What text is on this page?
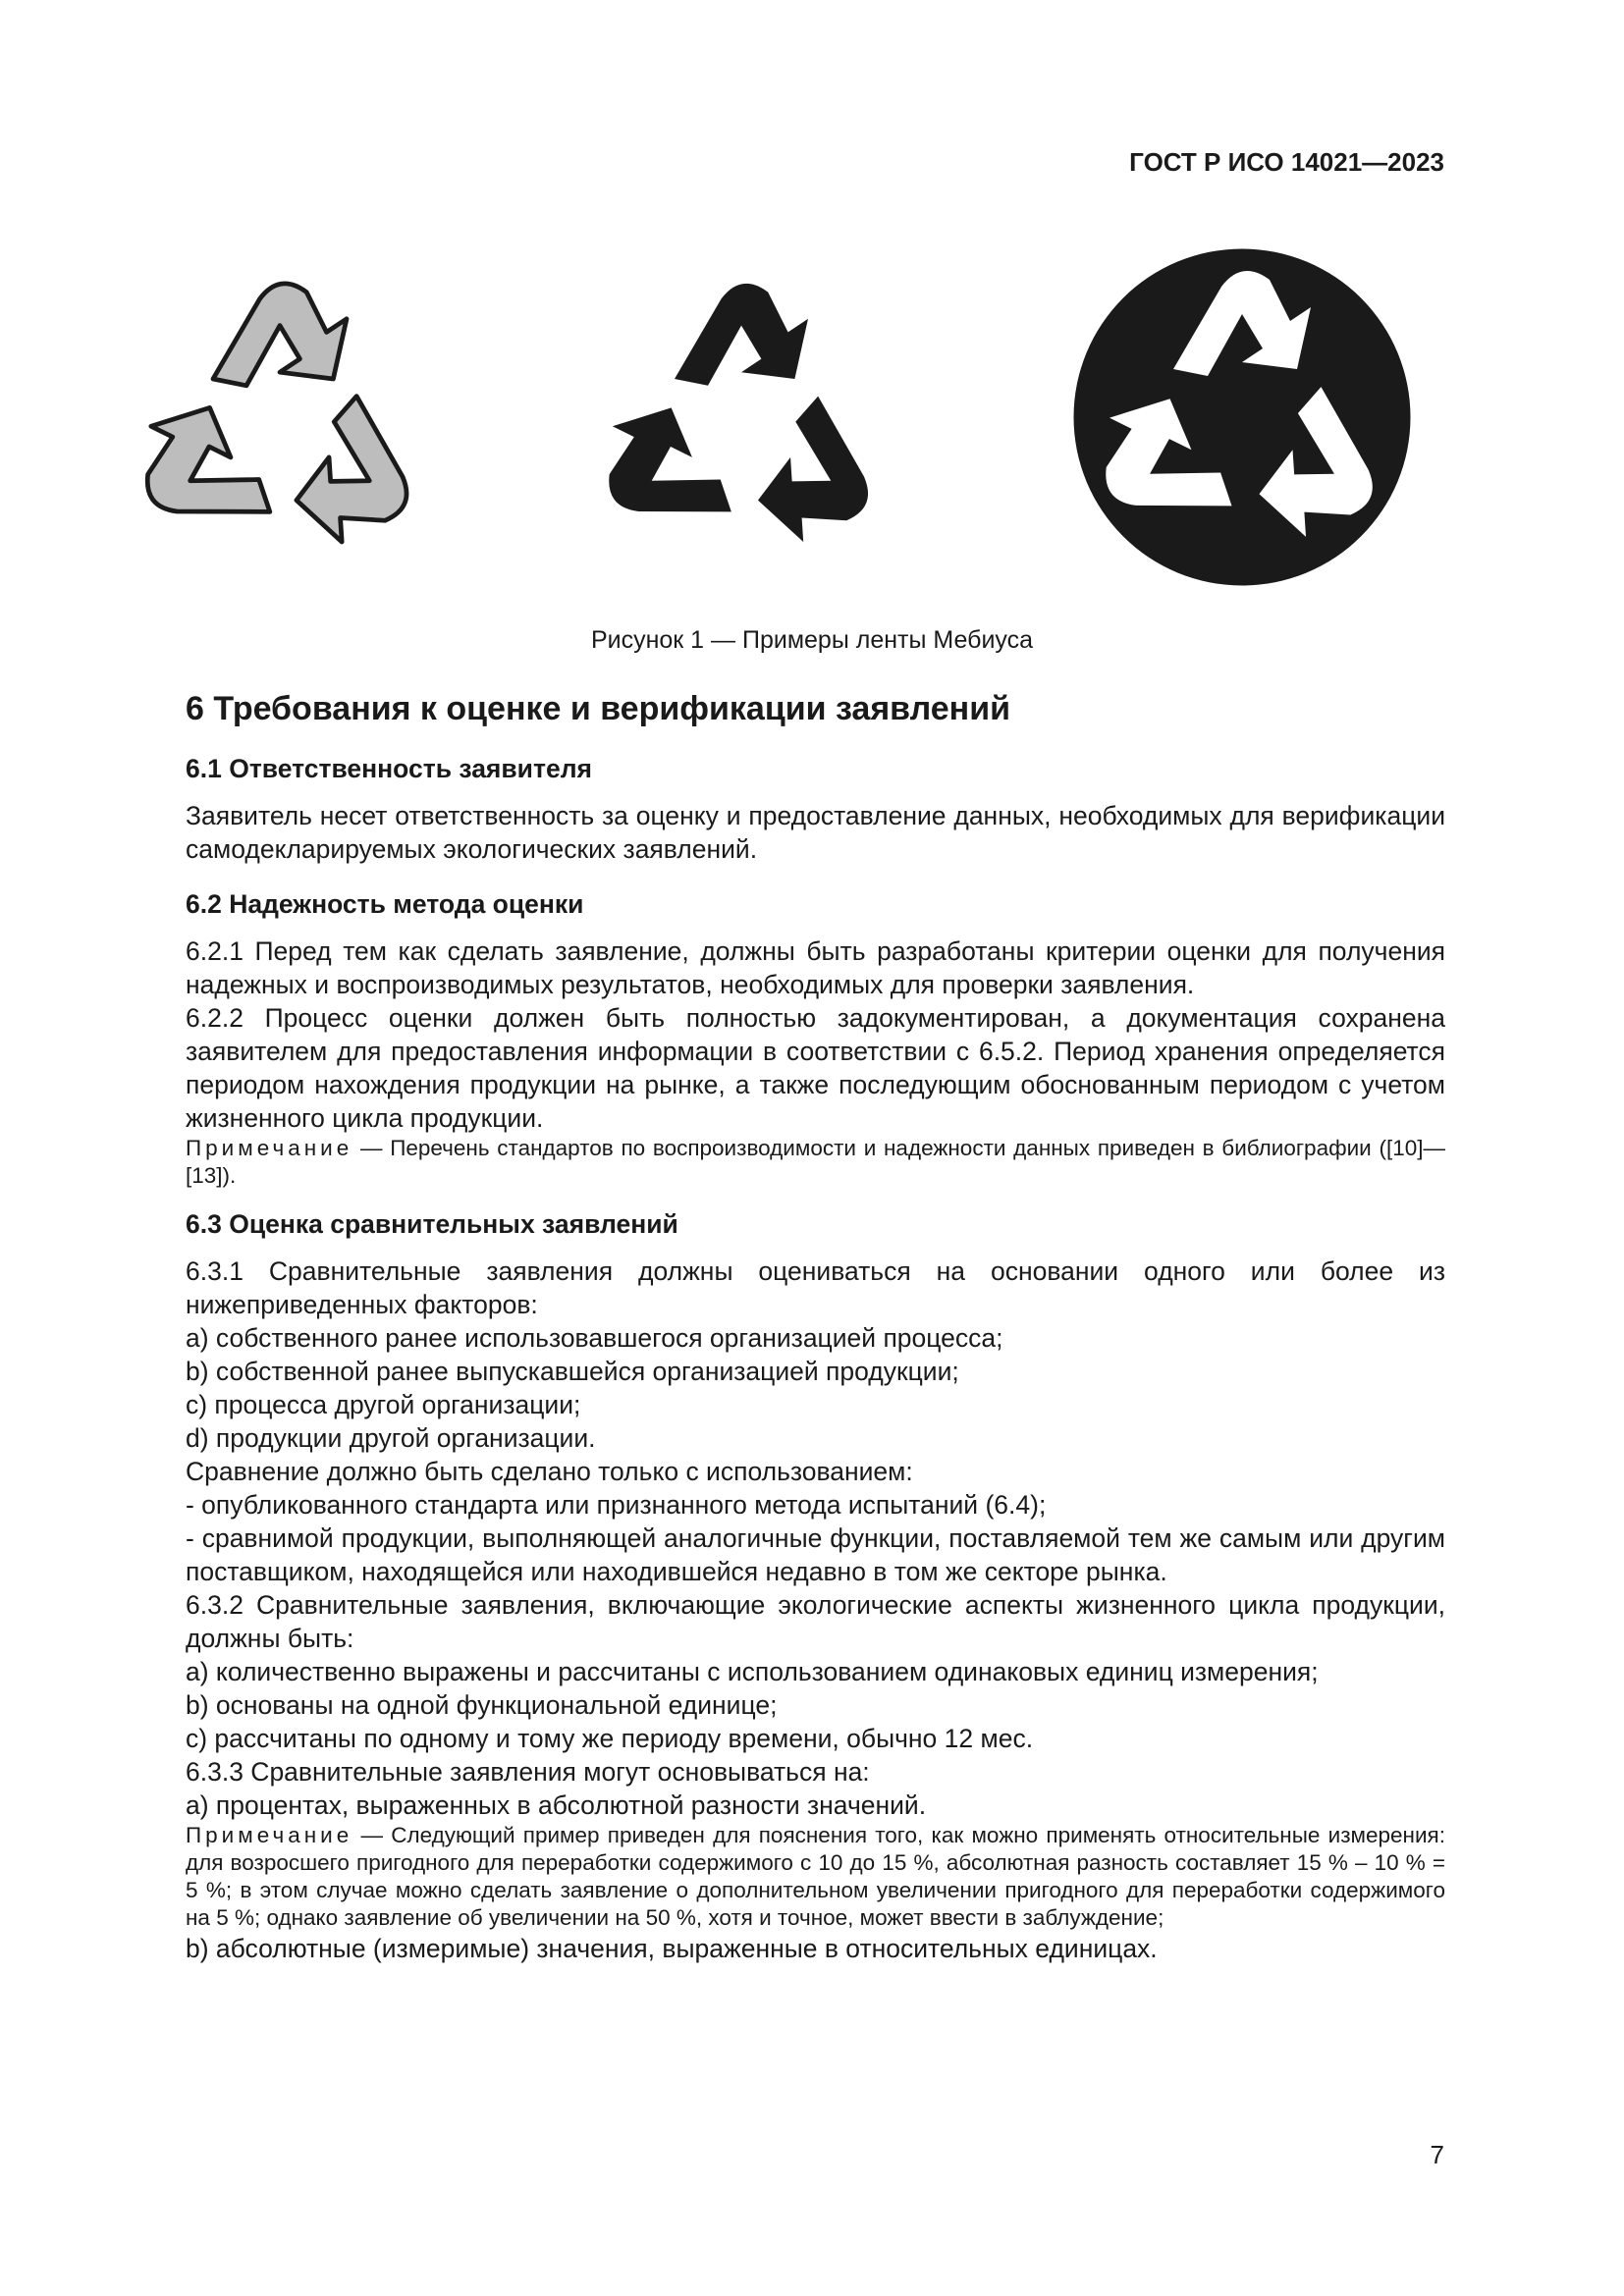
ГОСТ Р ИСО 14021—2023
Рисунок 1 — Примеры ленты Мебиуса
6 Требования к оценке и верификации заявлений
6.1 Ответственность заявителя

Заявитель несет ответственность за оценку и предоставление данных, необходимых для верификации самодекларируемых экологических заявлений.

6.2 Надежность метода оценки

6.2.1 Перед тем как сделать заявление, должны быть разработаны критерии оценки для получения надежных и воспроизводимых результатов, необходимых для проверки заявления.

6.2.2 Процесс оценки должен быть полностью задокументирован, а документация сохранена заявителем для предоставления информации в соответствии с 6.5.2. Период хранения определяется периодом нахождения продукции на рынке, а также последующим обоснованным периодом с учетом жизненного цикла продукции.

Примечание — Перечень стандартов по воспроизводимости и надежности данных приведен в библиографии ([10]—[13]).

6.3 Оценка сравнительных заявлений

6.3.1 Сравнительные заявления должны оцениваться на основании одного или более из нижеприведенных факторов:

a) собственного ранее использовавшегося организацией процесса;

b) собственной ранее выпускавшейся организацией продукции;

c) процесса другой организации;

d) продукции другой организации.

Сравнение должно быть сделано только с использованием:

- опубликованного стандарта или признанного метода испытаний (6.4);

- сравнимой продукции, выполняющей аналогичные функции, поставляемой тем же самым или другим поставщиком, находящейся или находившейся недавно в том же секторе рынка.

6.3.2 Сравнительные заявления, включающие экологические аспекты жизненного цикла продукции, должны быть:

a) количественно выражены и рассчитаны с использованием одинаковых единиц измерения;

b) основаны на одной функциональной единице;

c) рассчитаны по одному и тому же периоду времени, обычно 12 мес.

6.3.3 Сравнительные заявления могут основываться на:

a) процентах, выраженных в абсолютной разности значений.

Примечание — Следующий пример приведен для пояснения того, как можно применять относительные измерения: для возросшего пригодного для переработки содержимого с 10 до 15 %, абсолютная разность составляет 15 % – 10 % = 5 %; в этом случае можно сделать заявление о дополнительном увеличении пригодного для переработки содержимого на 5 %; однако заявление об увеличении на 50 %, хотя и точное, может ввести в заблуждение;

b) абсолютные (измеримые) значения, выраженные в относительных единицах.

7
